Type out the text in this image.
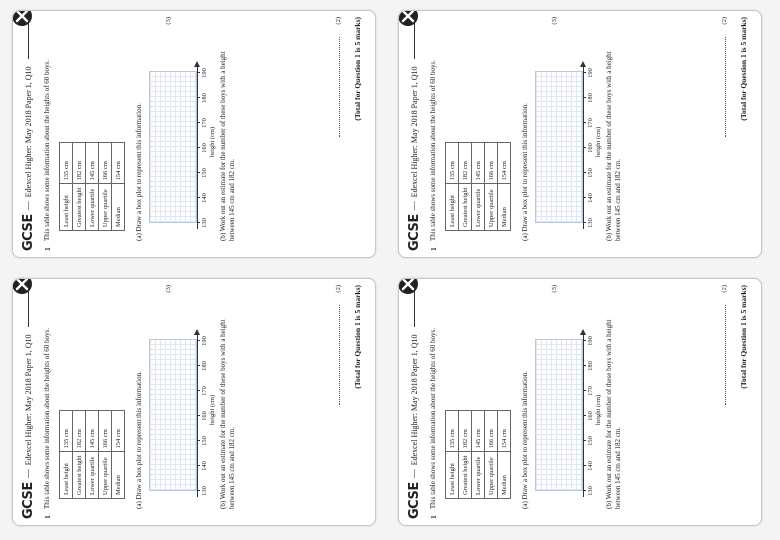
GCSE
—
Edexcel Higher: May 2018 Paper 1, Q10
1
This table shows some information about the heights of 60 boys. Least height	135 cm
Greatest height	182 cm
Lower quartile	145 cm
Upper quartile	166 cm
Median	154 cm (a) Draw a box plot to represent this information.	130
140
150
160
170
180
190
height (cm)
(3)
(b) Work out an estimate for the number of these boys with a height between 145 cm and 182 cm.
(2) (Total for Question 1 is 5 marks)
GCSE
—
Edexcel Higher: May 2018 Paper 1, Q10
1
This table shows some information about the heights of 60 boys. Least height	135 cm
Greatest height	182 cm
Lower quartile	145 cm
Upper quartile	166 cm
Median	154 cm (a) Draw a box plot to represent this information.	130
140
150
160
170
180
190
height (cm)
(3)
(b) Work out an estimate for the number of these boys with a height between 145 cm and 182 cm.
(2) (Total for Question 1 is 5 marks)
GCSE
—
Edexcel Higher: May 2018 Paper 1, Q10
1
This table shows some information about the heights of 60 boys. Least height	135 cm
Greatest height	182 cm
Lower quartile	145 cm
Upper quartile	166 cm
Median	154 cm (a) Draw a box plot to represent this information.	130
140
150
160
170
180
190
height (cm)
(3)
(b) Work out an estimate for the number of these boys with a height between 145 cm and 182 cm.
(2) (Total for Question 1 is 5 marks)
GCSE
—
Edexcel Higher: May 2018 Paper 1, Q10
1
This table shows some information about the heights of 60 boys. Least height	135 cm
Greatest height	182 cm
Lower quartile	145 cm
Upper quartile	166 cm
Median	154 cm (a) Draw a box plot to represent this information.	130
140
150
160
170
180
190
height (cm)
(3)
(b) Work out an estimate for the number of these boys with a height between 145 cm and 182 cm.
(2) (Total for Question 1 is 5 marks)
